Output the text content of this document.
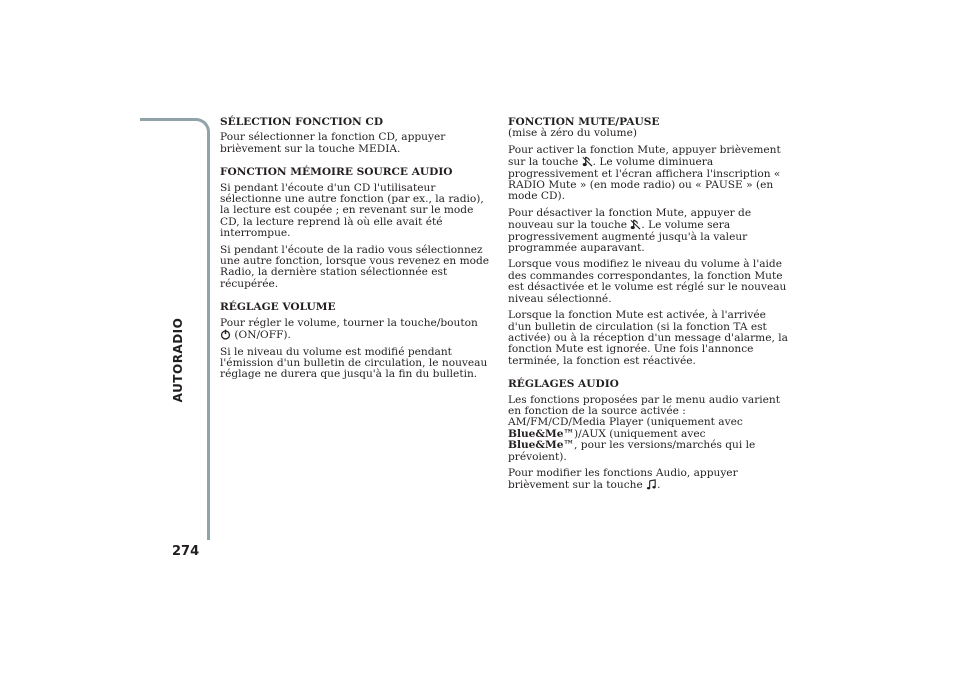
AUTORADIO
274
SÉLECTION FONCTION CD
Pour sélectionner la fonction CD, appuyer brièvement sur la touche MEDIA.
FONCTION MÉMOIRE SOURCE AUDIO
Si pendant l'écoute d'un CD l'utilisateur sélectionne une autre fonction (par ex., la radio), la lecture est coupée ; en revenant sur le mode CD, la lecture reprend là où elle avait été interrompue.
Si pendant l'écoute de la radio vous sélectionnez une autre fonction, lorsque vous revenez en mode Radio, la dernière station sélectionnée est récupérée.
RÉGLAGE VOLUME
Pour régler le volume, tourner la touche/bouton

(ON/OFF).
Si le niveau du volume est modifié pendant l'émission d'un bulletin de circulation, le nouveau réglage ne durera que jusqu'à la fin du bulletin.
FONCTION MUTE/PAUSE
(mise à zéro du volume)
Pour activer la fonction Mute, appuyer brièvement sur la touche . Le volume diminuera progressivement et l'écran affichera l'inscription « RADIO Mute » (en mode radio) ou « PAUSE » (en mode CD).
Pour désactiver la fonction Mute, appuyer de nouveau sur la touche . Le volume sera progressivement augmenté jusqu'à la valeur programmée auparavant.
Lorsque vous modifiez le niveau du volume à l'aide des commandes correspondantes, la fonction Mute est désactivée et le volume est réglé sur le nouveau niveau sélectionné.
Lorsque la fonction Mute est activée, à l'arrivée d'un bulletin de circulation (si la fonction TA est activée) ou à la réception d'un message d'alarme, la fonction Mute est ignorée. Une fois l'annonce terminée, la fonction est réactivée.
RÉGLAGES AUDIO
Les fonctions proposées par le menu audio varient en fonction de la source activée :
AM/FM/CD/Media Player (uniquement avec
Blue&Me™)/AUX (uniquement avec
Blue&Me™, pour les versions/marchés qui le prévoient).
Pour modifier les fonctions Audio, appuyer brièvement sur la touche .
